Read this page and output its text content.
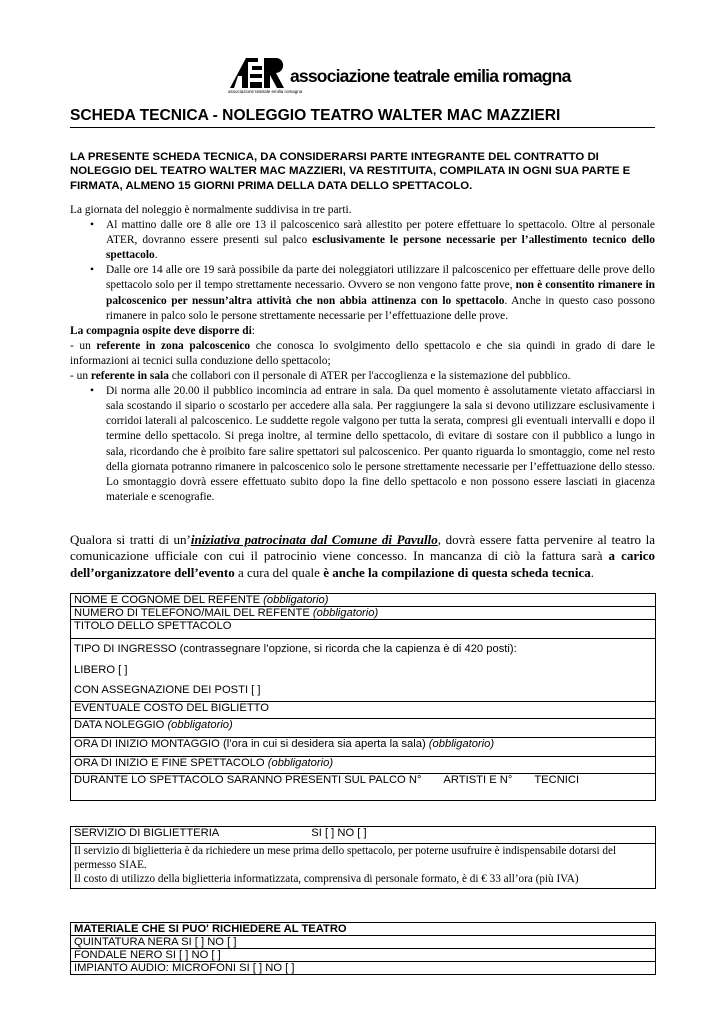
associazione teatrale emilia romagna
associazione teatrale emilia romagna
SCHEDA TECNICA - NOLEGGIO TEATRO WALTER MAC MAZZIERI
LA PRESENTE SCHEDA TECNICA, DA CONSIDERARSI PARTE INTEGRANTE DEL CONTRATTO DI NOLEGGIO DEL TEATRO WALTER MAC MAZZIERI, VA RESTITUITA, COMPILATA IN OGNI SUA PARTE E FIRMATA, ALMENO 15 GIORNI PRIMA DELLA DATA DELLO SPETTACOLO.

La giornata del noleggio è normalmente suddivisa in tre parti.

• Al mattino dalle ore 8 alle ore 13 il palcoscenico sarà allestito per potere effettuare lo spettacolo. Oltre al personale ATER, dovranno essere presenti sul palco esclusivamente le persone necessarie per l’allestimento tecnico dello spettacolo.
• Dalle ore 14 alle ore 19 sarà possibile da parte dei noleggiatori utilizzare il palcoscenico per effettuare delle prove dello spettacolo solo per il tempo strettamente necessario. Ovvero se non vengono fatte prove, non è consentito rimanere in palcoscenico per nessun’altra attività che non abbia attinenza con lo spettacolo. Anche in questo caso possono rimanere in palco solo le persone strettamente necessarie per l’effettuazione delle prove.

La compagnia ospite deve disporre di:

- un referente in zona palcoscenico che conosca lo svolgimento dello spettacolo e che sia quindi in grado di dare le informazioni ai tecnici sulla conduzione dello spettacolo;

- un referente in sala che collabori con il personale di ATER per l'accoglienza e la sistemazione del pubblico.

• Di norma alle 20.00 il pubblico incomincia ad entrare in sala. Da quel momento è assolutamente vietato affacciarsi in sala scostando il sipario o scostarlo per accedere alla sala. Per raggiungere la sala si devono utilizzare esclusivamente i corridoi laterali al palcoscenico. Le suddette regole valgono per tutta la serata, compresi gli eventuali intervalli e dopo il termine dello spettacolo. Si prega inoltre, al termine dello spettacolo, di evitare di sostare con il pubblico a lungo in sala, ricordando che è proibito fare salire spettatori sul palcoscenico. Per quanto riguarda lo smontaggio, come nel resto della giornata potranno rimanere in palcoscenico solo le persone strettamente necessarie per l’effettuazione dello stesso. Lo smontaggio dovrà essere effettuato subito dopo la fine dello spettacolo e non possono essere lasciati in giacenza materiale e scenografie.
Qualora si tratti di un’iniziativa patrocinata dal Comune di Pavullo, dovrà essere fatta pervenire al teatro la comunicazione ufficiale con cui il patrocinio viene concesso. In mancanza di ciò la fattura sarà a carico dell’organizzatore dell’evento a cura del quale è anche la compilazione di questa scheda tecnica.
NOME E COGNOME DEL REFENTE (obbligatorio)
NUMERO DI TELEFONO/MAIL DEL REFENTE (obbligatorio)
TITOLO DELLO SPETTACOLO

TIPO DI INGRESSO (contrassegnare l’opzione, si ricorda che la capienza è di 420 posti):
LIBERO [ ]
CON ASSEGNAZIONE DEI POSTI [ ]

EVENTUALE COSTO DEL BIGLIETTO
DATA NOLEGGIO (obbligatorio)
ORA DI INIZIO MONTAGGIO (l’ora in cui si desidera sia aperta la sala) (obbligatorio)
ORA DI INIZIO E FINE SPETTACOLO (obbligatorio)
DURANTE LO SPETTACOLO SARANNO PRESENTI SUL PALCO N° ARTISTI E N° TECNICI
SERVIZIO DI BIGLIETTERIA	SI [ ] NO [ ]

Il servizio di biglietteria è da richiedere un mese prima dello spettacolo, per poterne usufruire è indispensabile dotarsi del permesso SIAE.
Il costo di utilizzo della biglietteria informatizzata, comprensiva di personale formato, è di € 33 all’ora (più IVA)
MATERIALE CHE SI PUO' RICHIEDERE AL TEATRO
QUINTATURA NERA SI [ ] NO [ ]
FONDALE NERO SI [ ] NO [ ]
IMPIANTO AUDIO: MICROFONI SI [ ] NO [ ]
